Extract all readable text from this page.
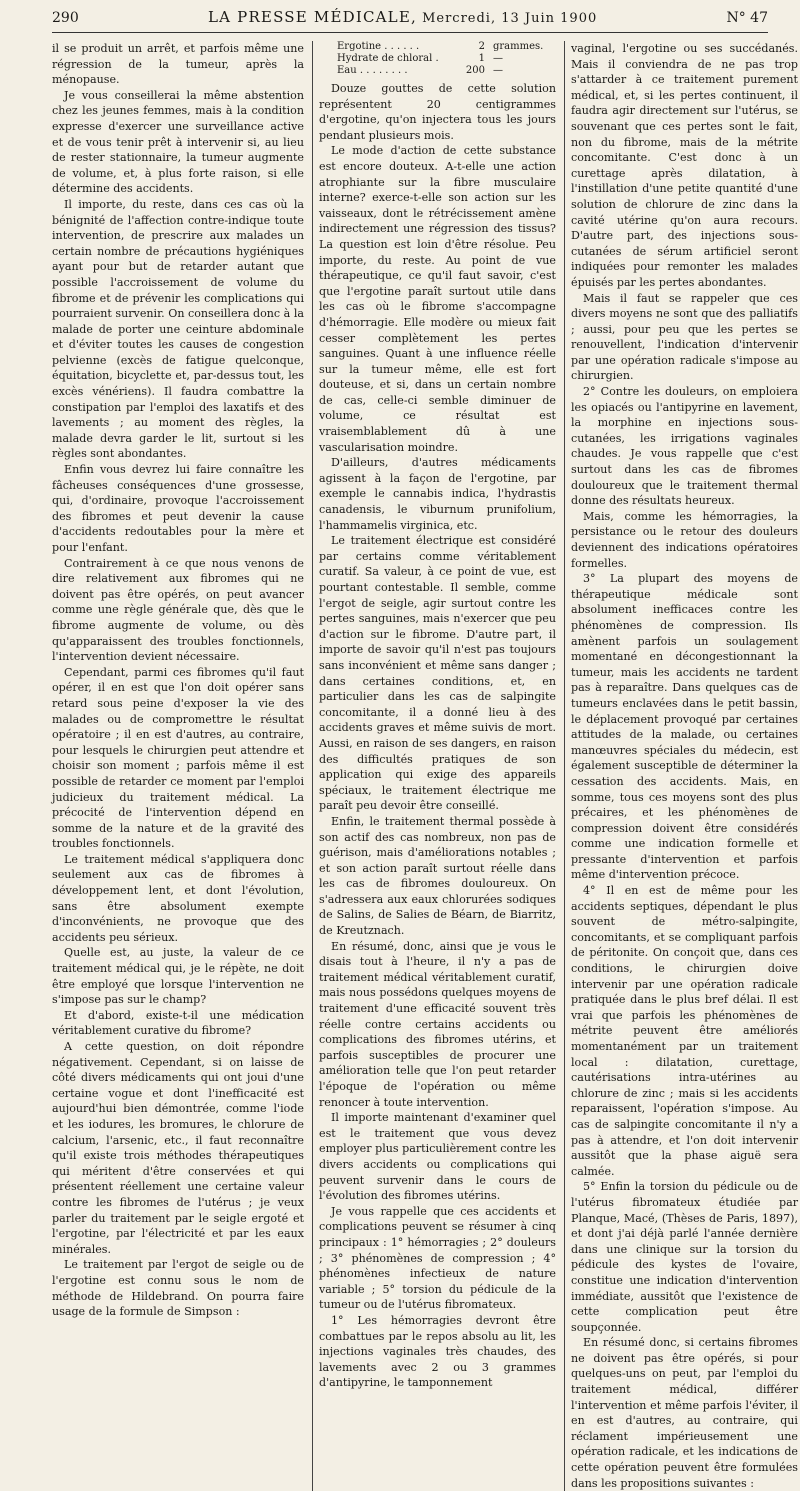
290	LA PRESSE MÉDICALE, Mercredi, 13 Juin 1900	N° 47

il se produit un arrêt, et parfois même une régression de la tumeur, après la ménopause.

Je vous conseillerai la même abstention chez les jeunes femmes, mais à la condition expresse d'exercer une surveillance active et de vous tenir prêt à intervenir si, au lieu de rester stationnaire, la tumeur augmente de volume, et, à plus forte raison, si elle détermine des accidents.

Il importe, du reste, dans ces cas où la bénignité de l'affection contre-indique toute intervention, de prescrire aux malades un certain nombre de précautions hygiéniques ayant pour but de retarder autant que possible l'accroissement de volume du fibrome et de prévenir les complications qui pourraient survenir. On conseillera donc à la malade de porter une ceinture abdominale et d'éviter toutes les causes de congestion pelvienne (excès de fatigue quelconque, équitation, bicyclette et, par-dessus tout, les excès vénériens). Il faudra combattre la constipation par l'emploi des laxatifs et des lavements ; au moment des règles, la malade devra garder le lit, surtout si les règles sont abondantes.

Enfin vous devrez lui faire connaître les fâcheuses conséquences d'une grossesse, qui, d'ordinaire, provoque l'accroissement des fibromes et peut devenir la cause d'accidents redoutables pour la mère et pour l'enfant.

Contrairement à ce que nous venons de dire relativement aux fibromes qui ne doivent pas être opérés, on peut avancer comme une règle générale que, dès que le fibrome augmente de volume, ou dès qu'apparaissent des troubles fonctionnels, l'intervention devient nécessaire.

Cependant, parmi ces fibromes qu'il faut opérer, il en est que l'on doit opérer sans retard sous peine d'exposer la vie des malades ou de compromettre le résultat opératoire ; il en est d'autres, au contraire, pour lesquels le chirurgien peut attendre et choisir son moment ; parfois même il est possible de retarder ce moment par l'emploi judicieux du traitement médical. La précocité de l'intervention dépend en somme de la nature et de la gravité des troubles fonctionnels.

Le traitement médical s'appliquera donc seulement aux cas de fibromes à développement lent, et dont l'évolution, sans être absolument exempte d'inconvénients, ne provoque que des accidents peu sérieux.

Quelle est, au juste, la valeur de ce traitement médical qui, je le répète, ne doit être employé que lorsque l'intervention ne s'impose pas sur le champ?

Et d'abord, existe-t-il une médication véritablement curative du fibrome?

A cette question, on doit répondre négativement. Cependant, si on laisse de côté divers médicaments qui ont joui d'une certaine vogue et dont l'inefficacité est aujourd'hui bien démontrée, comme l'iode et les iodures, les bromures, le chlorure de calcium, l'arsenic, etc., il faut reconnaître qu'il existe trois méthodes thérapeutiques qui méritent d'être conservées et qui présentent réellement une certaine valeur contre les fibromes de l'utérus ; je veux parler du traitement par le seigle ergoté et l'ergotine, par l'électricité et par les eaux minérales.

Le traitement par l'ergot de seigle ou de l'ergotine est connu sous le nom de méthode de Hildebrand. On pourra faire usage de la formule de Simpson :

Ergotine . . . . . .	2 grammes.
Hydrate de chloral .	1 —
Eau . . . . . . . .	200 —

Douze gouttes de cette solution représentent 20 centigrammes d'ergotine, qu'on injectera tous les jours pendant plusieurs mois.

Le mode d'action de cette substance est encore douteux. A-t-elle une action atrophiante sur la fibre musculaire interne? exerce-t-elle son action sur les vaisseaux, dont le rétrécissement amène indirectement une régression des tissus? La question est loin d'être résolue. Peu importe, du reste. Au point de vue thérapeutique, ce qu'il faut savoir, c'est que l'ergotine paraît surtout utile dans les cas où le fibrome s'accompagne d'hémorragie. Elle modère ou mieux fait cesser complètement les pertes sanguines. Quant à une influence réelle sur la tumeur même, elle est fort douteuse, et si, dans un certain nombre de cas, celle-ci semble diminuer de volume, ce résultat est vraisemblablement dû à une vascularisation moindre.

D'ailleurs, d'autres médicaments agissent à la façon de l'ergotine, par exemple le cannabis indica, l'hydrastis canadensis, le viburnum prunifolium, l'hammamelis virginica, etc.

Le traitement électrique est considéré par certains comme véritablement curatif. Sa valeur, à ce point de vue, est pourtant contestable. Il semble, comme l'ergot de seigle, agir surtout contre les pertes sanguines, mais n'exercer que peu d'action sur le fibrome. D'autre part, il importe de savoir qu'il n'est pas toujours sans inconvénient et même sans danger ; dans certaines conditions, et, en particulier dans les cas de salpingite concomitante, il a donné lieu à des accidents graves et même suivis de mort. Aussi, en raison de ses dangers, en raison des difficultés pratiques de son application qui exige des appareils spéciaux, le traitement électrique me paraît peu devoir être conseillé.

Enfin, le traitement thermal possède à son actif des cas nombreux, non pas de guérison, mais d'améliorations notables ; et son action paraît surtout réelle dans les cas de fibromes douloureux. On s'adressera aux eaux chlorurées sodiques de Salins, de Salies de Béarn, de Biarritz, de Kreutznach.

En résumé, donc, ainsi que je vous le disais tout à l'heure, il n'y a pas de traitement médical véritablement curatif, mais nous possédons quelques moyens de traitement d'une efficacité souvent très réelle contre certains accidents ou complications des fibromes utérins, et parfois susceptibles de procurer une amélioration telle que l'on peut retarder l'époque de l'opération ou même renoncer à toute intervention.

Il importe maintenant d'examiner quel est le traitement que vous devez employer plus particulièrement contre les divers accidents ou complications qui peuvent survenir dans le cours de l'évolution des fibromes utérins.

Je vous rappelle que ces accidents et complications peuvent se résumer à cinq principaux : 1° hémorragies ; 2° douleurs ; 3° phénomènes de compression ; 4° phénomènes infectieux de nature variable ; 5° torsion du pédicule de la tumeur ou de l'utérus fibromateux.

1° Les hémorragies devront être combattues par le repos absolu au lit, les injections vaginales très chaudes, des lavements avec 2 ou 3 grammes d'antipyrine, le tamponnement

vaginal, l'ergotine ou ses succédanés. Mais il conviendra de ne pas trop s'attarder à ce traitement purement médical, et, si les pertes continuent, il faudra agir directement sur l'utérus, se souvenant que ces pertes sont le fait, non du fibrome, mais de la métrite concomitante. C'est donc à un curettage après dilatation, à l'instillation d'une petite quantité d'une solution de chlorure de zinc dans la cavité utérine qu'on aura recours. D'autre part, des injections sous-cutanées de sérum artificiel seront indiquées pour remonter les malades épuisés par les pertes abondantes.

Mais il faut se rappeler que ces divers moyens ne sont que des palliatifs ; aussi, pour peu que les pertes se renouvellent, l'indication d'intervenir par une opération radicale s'impose au chirurgien.

2° Contre les douleurs, on emploiera les opiacés ou l'antipyrine en lavement, la morphine en injections sous-cutanées, les irrigations vaginales chaudes. Je vous rappelle que c'est surtout dans les cas de fibromes douloureux que le traitement thermal donne des résultats heureux.

Mais, comme les hémorragies, la persistance ou le retour des douleurs deviennent des indications opératoires formelles.

3° La plupart des moyens de thérapeutique médicale sont absolument inefficaces contre les phénomènes de compression. Ils amènent parfois un soulagement momentané en décongestionnant la tumeur, mais les accidents ne tardent pas à reparaître. Dans quelques cas de tumeurs enclavées dans le petit bassin, le déplacement provoqué par certaines attitudes de la malade, ou certaines manœuvres spéciales du médecin, est également susceptible de déterminer la cessation des accidents. Mais, en somme, tous ces moyens sont des plus précaires, et les phénomènes de compression doivent être considérés comme une indication formelle et pressante d'intervention et parfois même d'intervention précoce.

4° Il en est de même pour les accidents septiques, dépendant le plus souvent de métro-salpingite, concomitants, et se compliquant parfois de péritonite. On conçoit que, dans ces conditions, le chirurgien doive intervenir par une opération radicale pratiquée dans le plus bref délai. Il est vrai que parfois les phénomènes de métrite peuvent être améliorés momentanément par un traitement local : dilatation, curettage, cautérisations intra-utérines au chlorure de zinc ; mais si les accidents reparaissent, l'opération s'impose. Au cas de salpingite concomitante il n'y a pas à attendre, et l'on doit intervenir aussitôt que la phase aiguë sera calmée.

5° Enfin la torsion du pédicule ou de l'utérus fibromateux étudiée par Planque, Macé, (Thèses de Paris, 1897), et dont j'ai déjà parlé l'année dernière dans une clinique sur la torsion du pédicule des kystes de l'ovaire, constitue une indication d'intervention immédiate, aussitôt que l'existence de cette complication peut être soupçonnée.

En résumé donc, si certains fibromes ne doivent pas être opérés, si pour quelques-uns on peut, par l'emploi du traitement médical, différer l'intervention et même parfois l'éviter, il en est d'autres, au contraire, qui réclament impérieusement une opération radicale, et les indications de cette opération peuvent être formulées dans les propositions suivantes :
